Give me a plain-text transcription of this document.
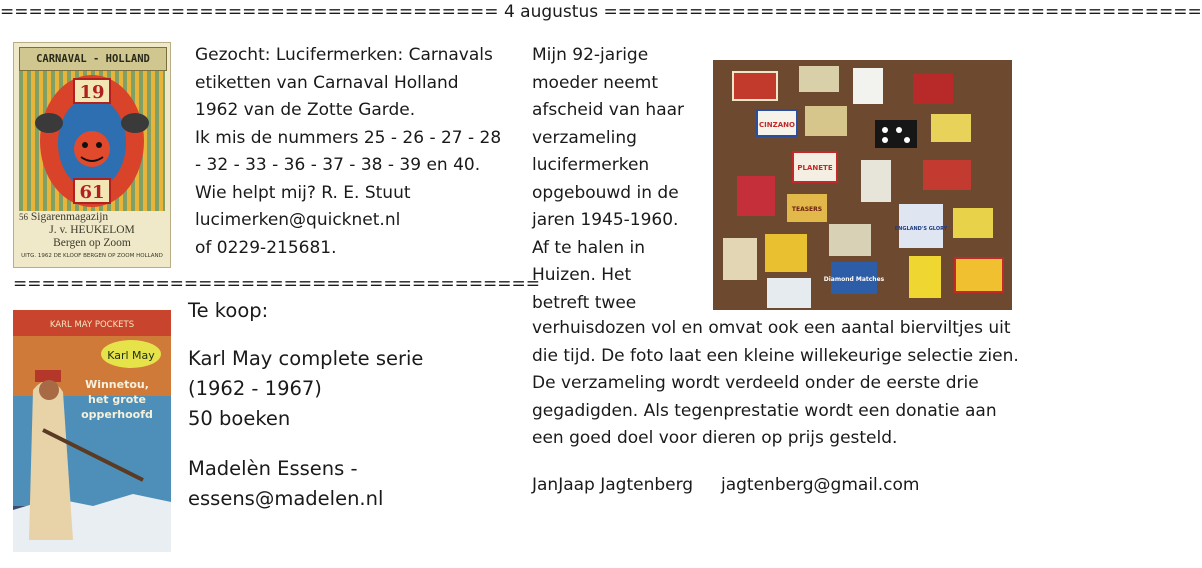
=================================== 4 augustus ==========================================
CARNAVAL - HOLLAND
19
61
56 Sigarenmagazijn
J. v. HEUKELOM
Bergen op Zoom
UITG. 1962 DE KLOOF BERGEN OP ZOOM HOLLAND
Gezocht: Lucifermerken: Carnavals
etiketten van Carnaval Holland
1962 van de Zotte Garde.
Ik mis de nummers 25 - 26 - 27 - 28
- 32 - 33 - 36 - 37 - 38 - 39 en 40.
Wie helpt mij? R. E. Stuut
lucimerken@quicknet.nl
of 0229-215681.
=====================================
KARL MAY POCKETS
Karl May
Winnetou,
het grote
opperhoofd
Te koop:
Karl May complete serie
(1962 - 1967)
50 boeken
Madelèn Essens -
essens@madelen.nl
Mijn 92-jarige
moeder neemt
afscheid van haar
verzameling
lucifermerken
opgebouwd in de
jaren 1945-1960.
Af te halen in
Huizen. Het
betreft twee
CINZANO
PLANETE
TEASERS
ENGLAND'S GLORY
Diamond Matches
verhuisdozen vol en omvat ook een aantal bierviltjes uit
die tijd. De foto laat een kleine willekeurige selectie zien.
De verzameling wordt verdeeld onder de eerste drie
gegadigden. Als tegenprestatie wordt een donatie aan
een goed doel voor dieren op prijs gesteld.
JanJaap Jagtenberg jagtenberg@gmail.com
